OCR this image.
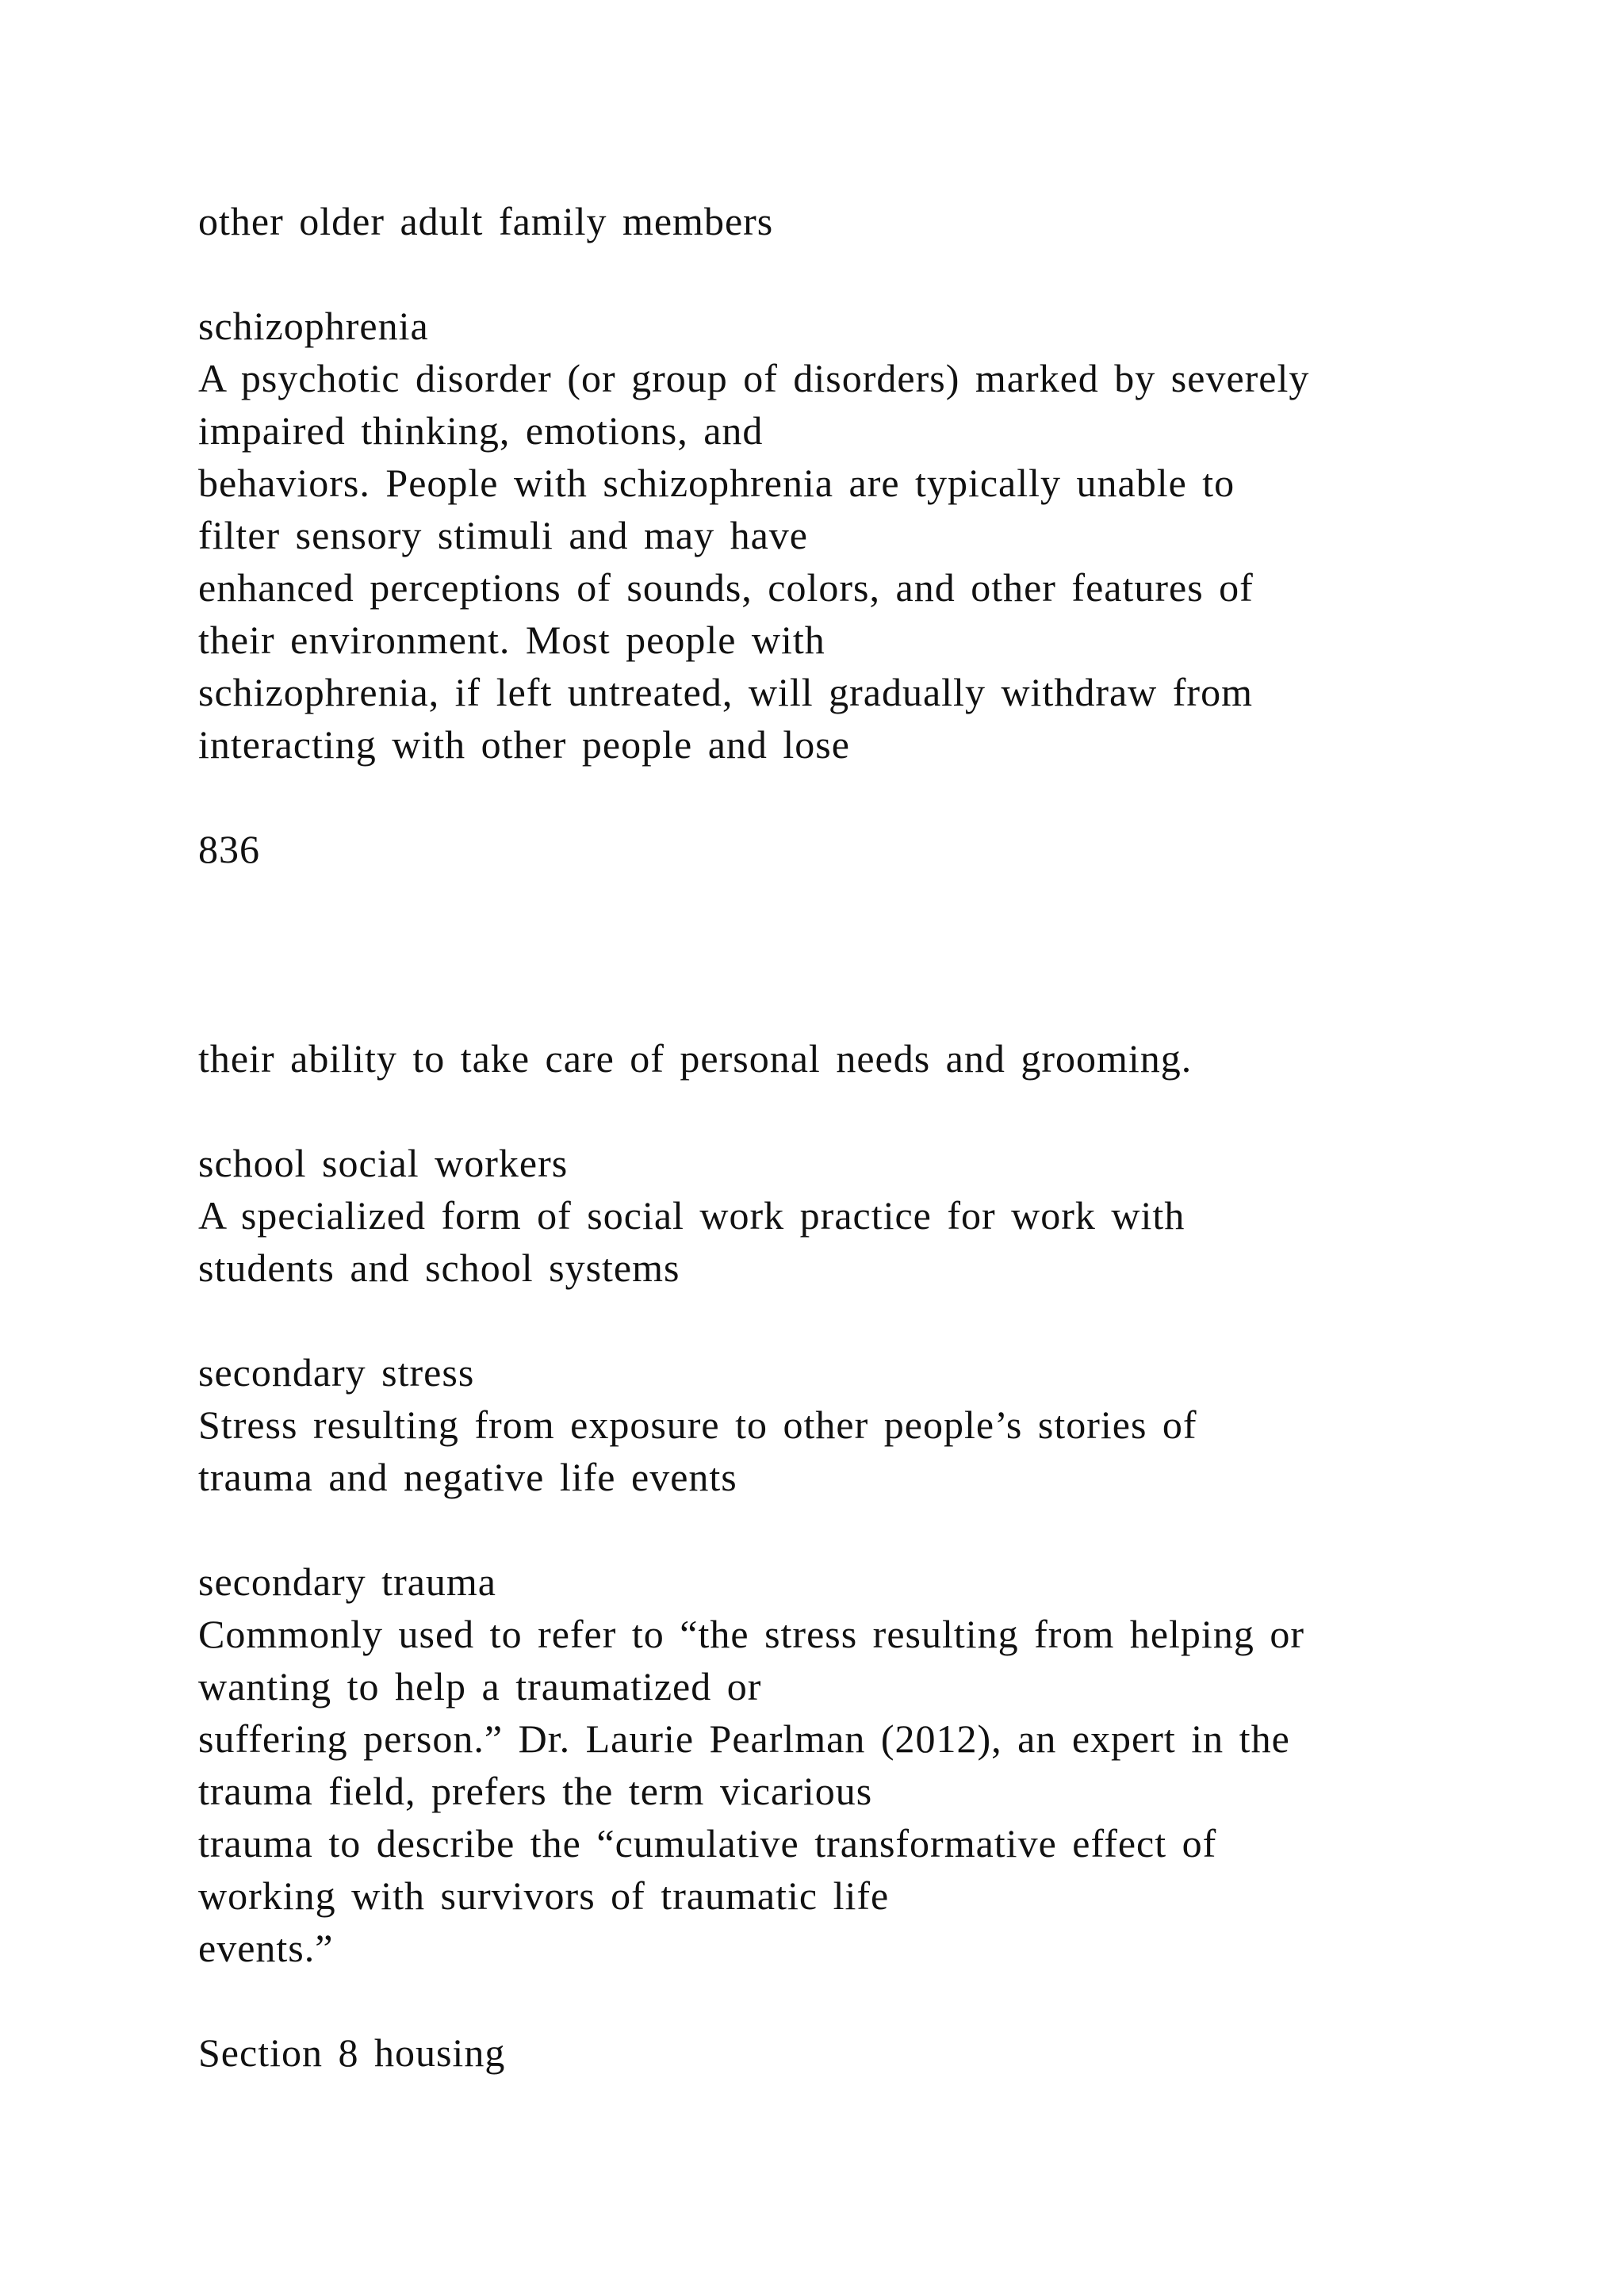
other older adult family members
schizophrenia
A psychotic disorder (or group of disorders) marked by severely
impaired thinking, emotions, and
behaviors. People with schizophrenia are typically unable to
filter sensory stimuli and may have
enhanced perceptions of sounds, colors, and other features of
their environment. Most people with
schizophrenia, if left untreated, will gradually withdraw from
interacting with other people and lose
836
their ability to take care of personal needs and grooming.
school social workers
A specialized form of social work practice for work with
students and school systems
secondary stress
Stress resulting from exposure to other people’s stories of
trauma and negative life events
secondary trauma
Commonly used to refer to “the stress resulting from helping or
wanting to help a traumatized or
suffering person.” Dr. Laurie Pearlman (2012), an expert in the
trauma field, prefers the term vicarious
trauma to describe the “cumulative transformative effect of
working with survivors of traumatic life
events.”
Section 8 housing
